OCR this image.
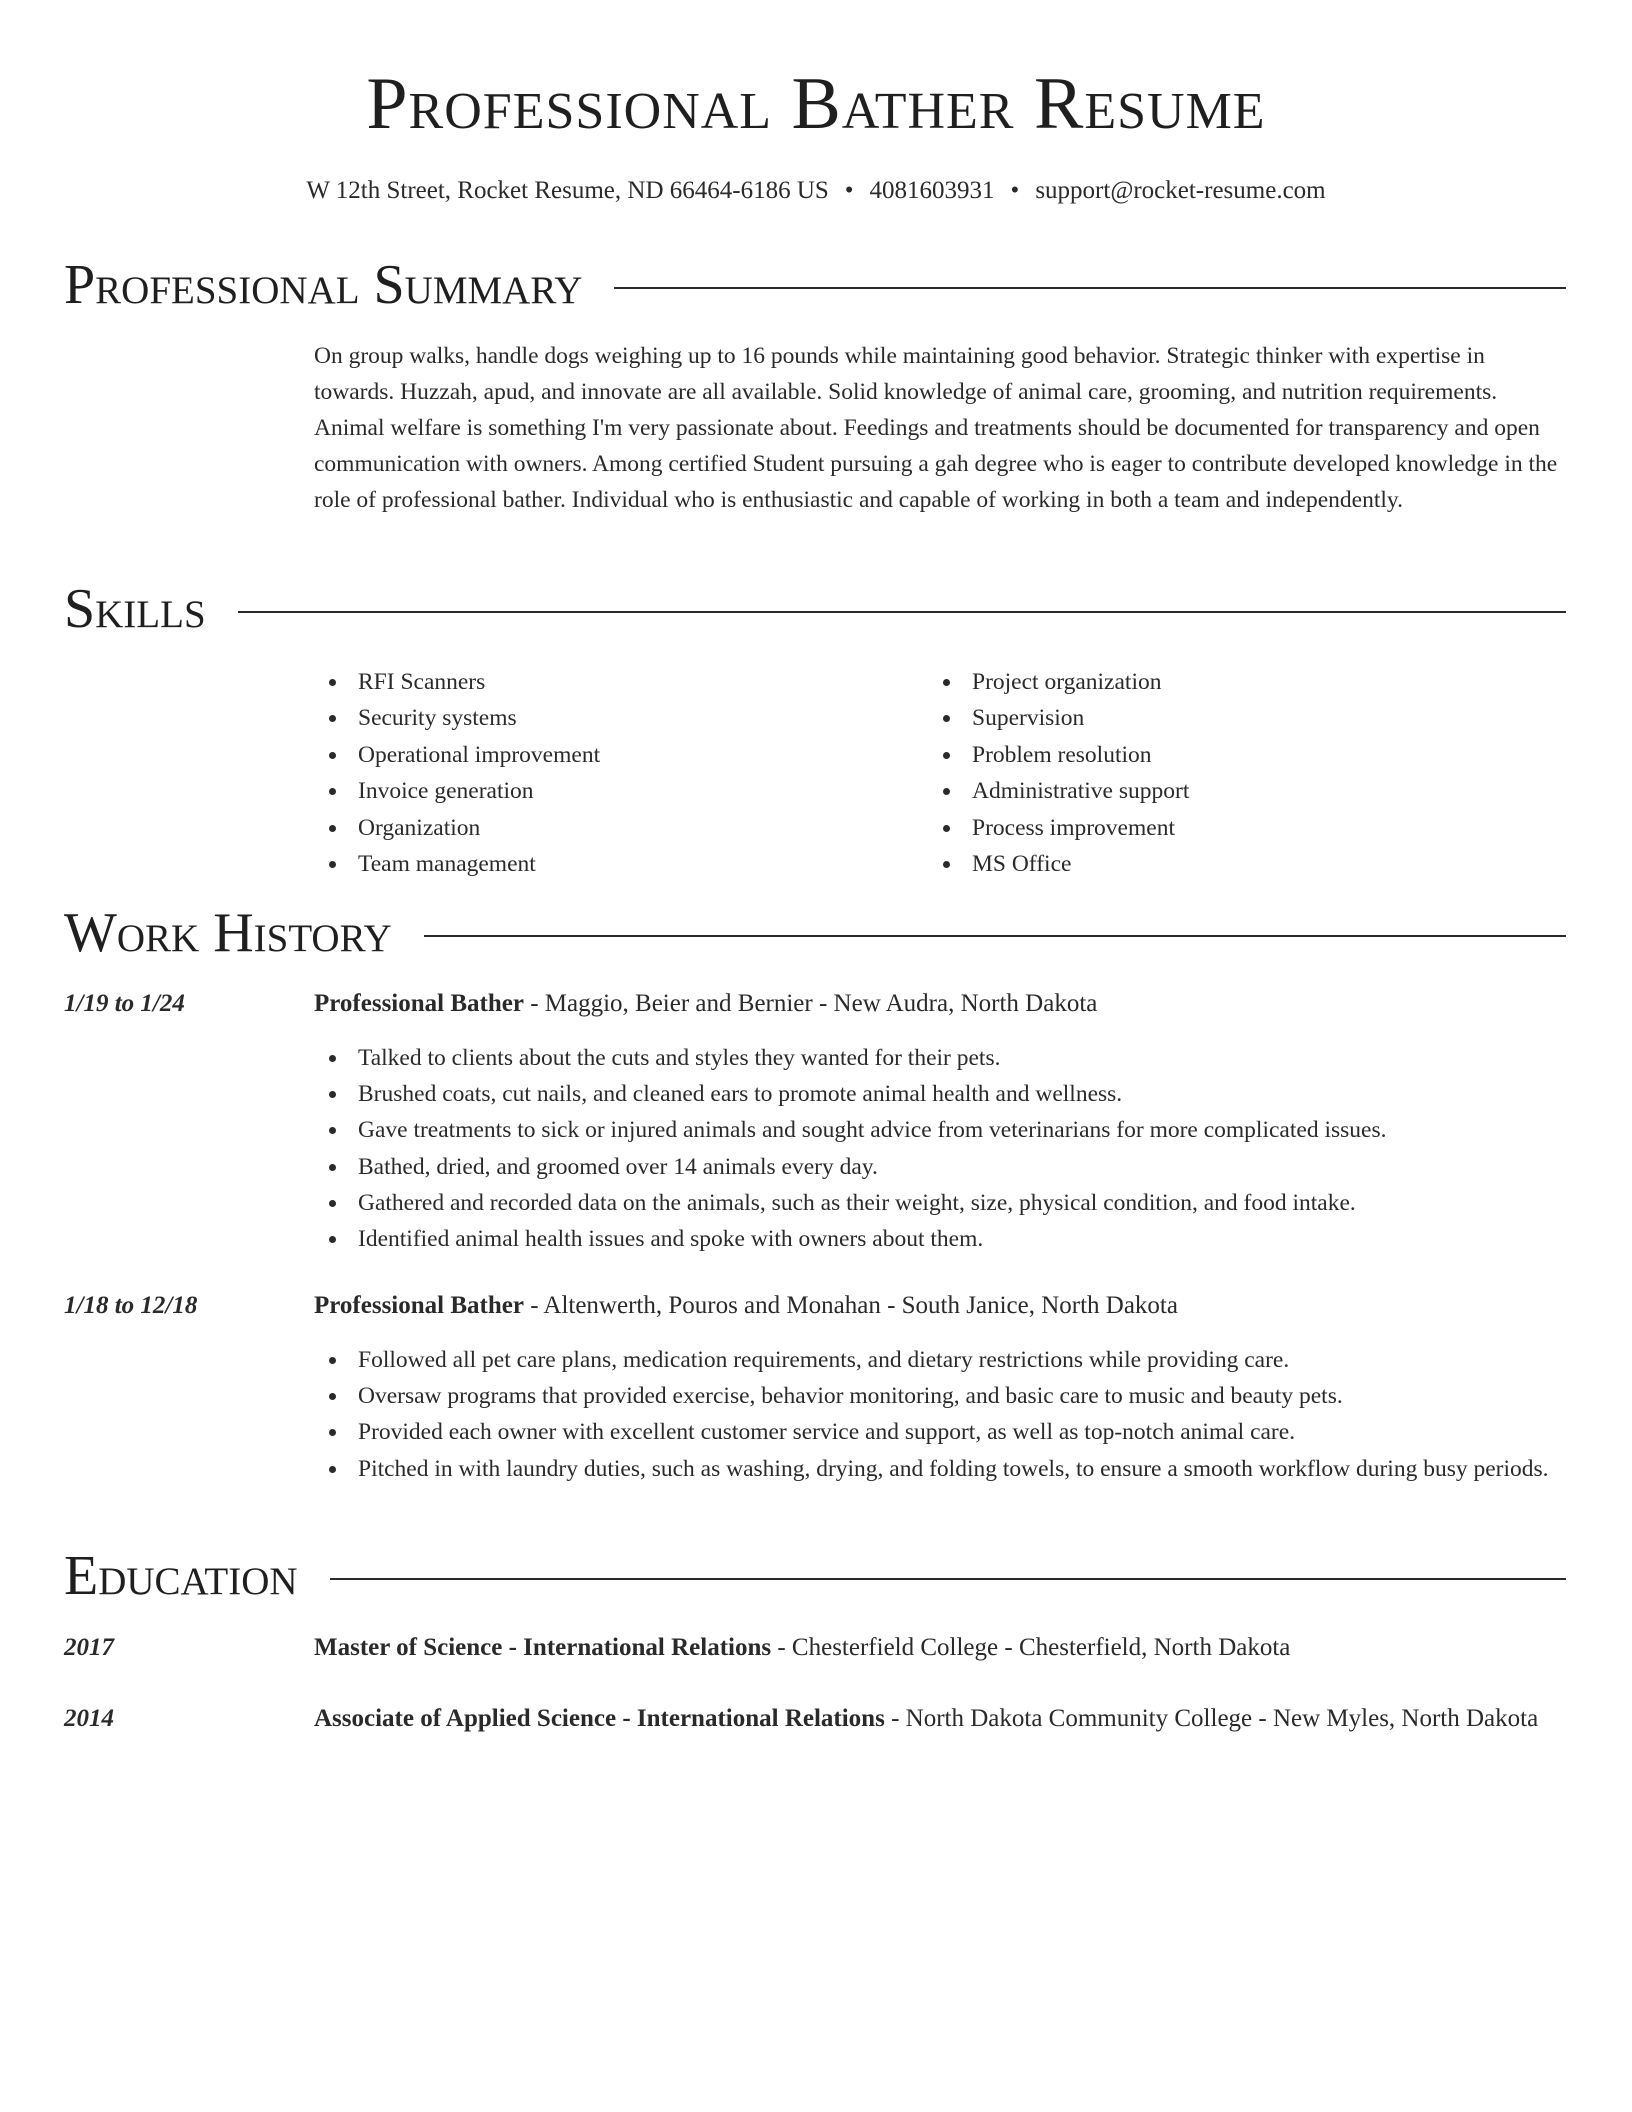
Professional Bather Resume
W 12th Street, Rocket Resume, ND 66464-6186 US • 4081603931 • support@rocket-resume.com
Professional Summary

On group walks, handle dogs weighing up to 16 pounds while maintaining good behavior. Strategic thinker with expertise in towards. Huzzah, apud, and innovate are all available. Solid knowledge of animal care, grooming, and nutrition requirements. Animal welfare is something I'm very passionate about. Feedings and treatments should be documented for transparency and open communication with owners. Among certified Student pursuing a gah degree who is eager to contribute developed knowledge in the role of professional bather. Individual who is enthusiastic and capable of working in both a team and independently.

Skills
RFI Scanners
Security systems
Operational improvement
Invoice generation
Organization
Team management
Project organization
Supervision
Problem resolution
Administrative support
Process improvement
MS Office
Work History
1/19 to 1/24	Professional Bather - Maggio, Beier and Bernier - New Audra, North Dakota
Talked to clients about the cuts and styles they wanted for their pets.
Brushed coats, cut nails, and cleaned ears to promote animal health and wellness.
Gave treatments to sick or injured animals and sought advice from veterinarians for more complicated issues.
Bathed, dried, and groomed over 14 animals every day.
Gathered and recorded data on the animals, such as their weight, size, physical condition, and food intake.
Identified animal health issues and spoke with owners about them.
1/18 to 12/18	Professional Bather - Altenwerth, Pouros and Monahan - South Janice, North Dakota
Followed all pet care plans, medication requirements, and dietary restrictions while providing care.
Oversaw programs that provided exercise, behavior monitoring, and basic care to music and beauty pets.
Provided each owner with excellent customer service and support, as well as top-notch animal care.
Pitched in with laundry duties, such as washing, drying, and folding towels, to ensure a smooth workflow during busy periods.
Education
2017	Master of Science - International Relations - Chesterfield College - Chesterfield, North Dakota
2014	Associate of Applied Science - International Relations - North Dakota Community College - New Myles, North Dakota
